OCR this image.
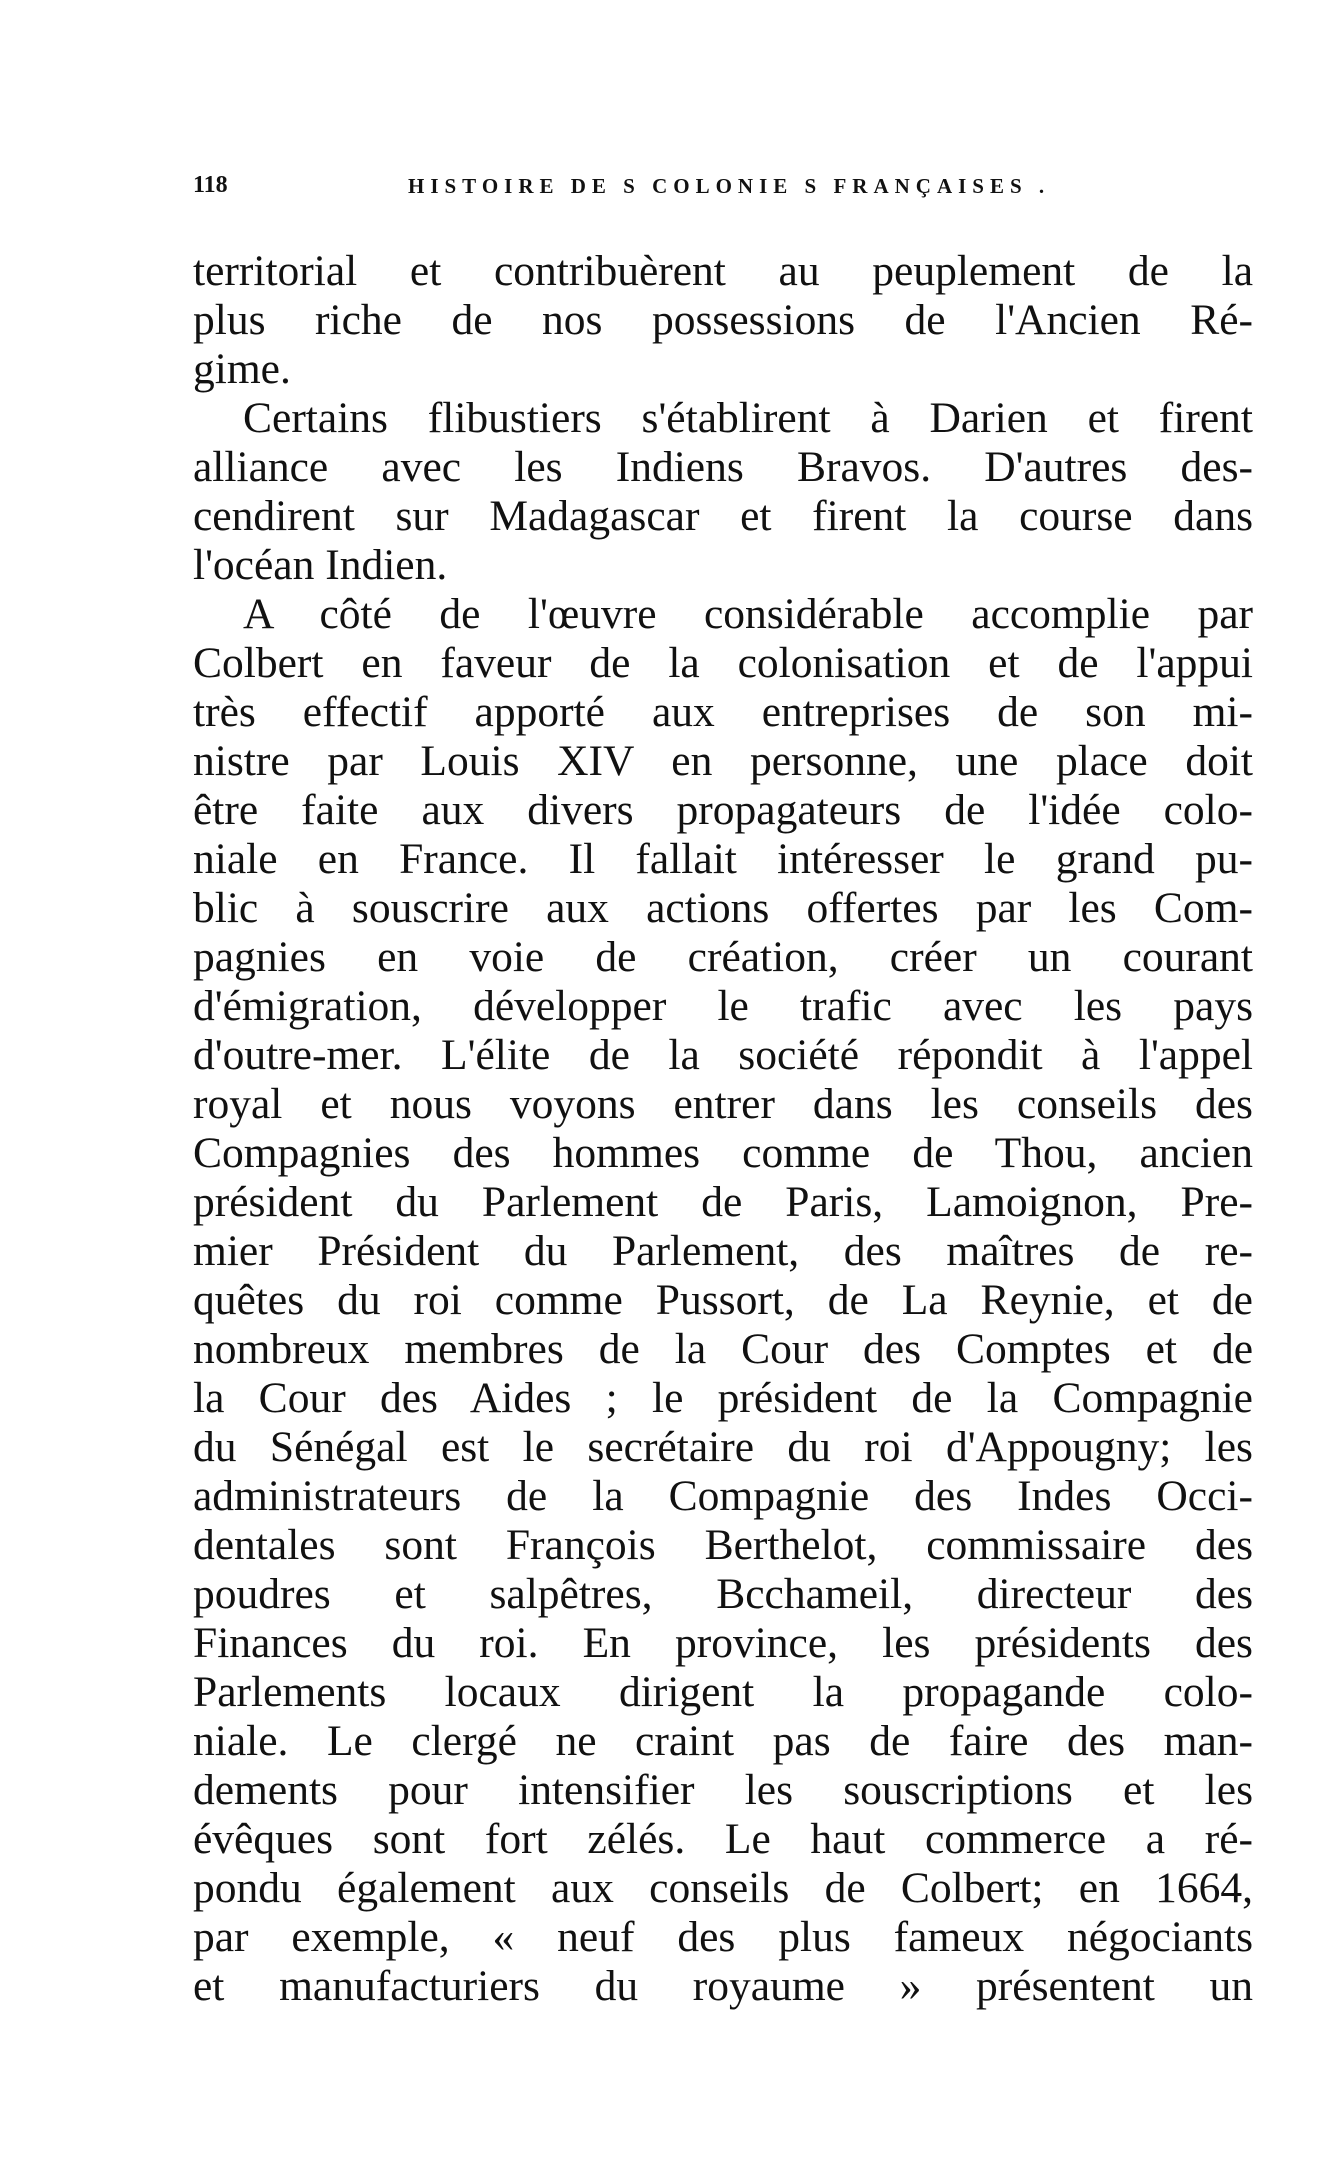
118	HISTOIRE DE S COLONIE S FRANÇAISES .
territorial et contribuèrent au peuplement de la
plus riche de nos possessions de l'Ancien Ré-
gime.
Certains flibustiers s'établirent à Darien et firent
alliance avec les Indiens Bravos. D'autres des-
cendirent sur Madagascar et firent la course dans
l'océan Indien.
A côté de l'œuvre considérable accomplie par
Colbert en faveur de la colonisation et de l'appui
très effectif apporté aux entreprises de son mi-
nistre par Louis XIV en personne, une place doit
être faite aux divers propagateurs de l'idée colo-
niale en France. Il fallait intéresser le grand pu-
blic à souscrire aux actions offertes par les Com-
pagnies en voie de création, créer un courant
d'émigration, développer le trafic avec les pays
d'outre-mer. L'élite de la société répondit à l'appel
royal et nous voyons entrer dans les conseils des
Compagnies des hommes comme de Thou, ancien
président du Parlement de Paris, Lamoignon, Pre-
mier Président du Parlement, des maîtres de re-
quêtes du roi comme Pussort, de La Reynie, et de
nombreux membres de la Cour des Comptes et de
la Cour des Aides ; le président de la Compagnie
du Sénégal est le secrétaire du roi d'Appougny; les
administrateurs de la Compagnie des Indes Occi-
dentales sont François Berthelot, commissaire des
poudres et salpêtres, Bcchameil, directeur des
Finances du roi. En province, les présidents des
Parlements locaux dirigent la propagande colo-
niale. Le clergé ne craint pas de faire des man-
dements pour intensifier les souscriptions et les
évêques sont fort zélés. Le haut commerce a ré-
pondu également aux conseils de Colbert; en 1664,
par exemple, « neuf des plus fameux négociants
et manufacturiers du royaume » présentent un
